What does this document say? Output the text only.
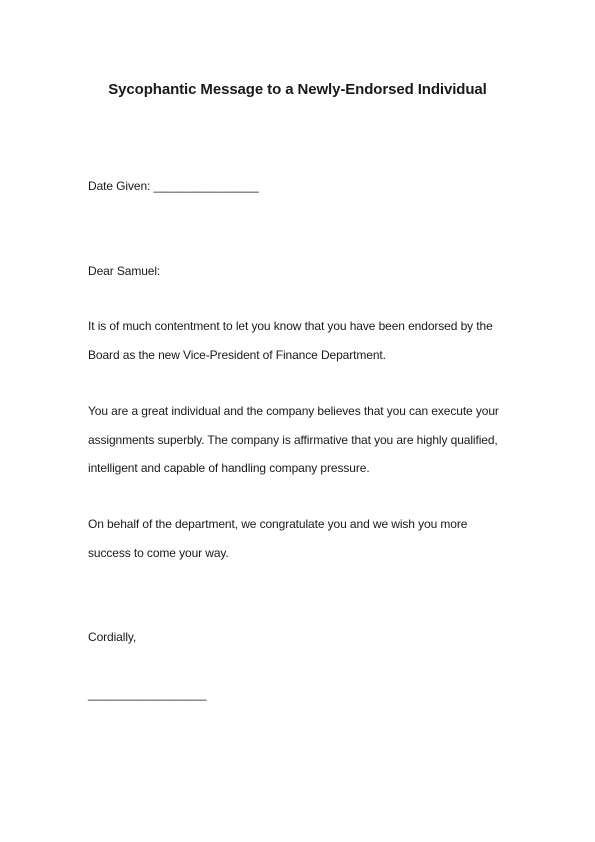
Sycophantic Message to a Newly-Endorsed Individual
Date Given: ________________
Dear Samuel:
It is of much contentment to let you know that you have been endorsed by the
Board as the new Vice-President of Finance Department.
You are a great individual and the company believes that you can execute your
assignments superbly. The company is affirmative that you are highly qualified,
intelligent and capable of handling company pressure.
On behalf of the department, we congratulate you and we wish you more
success to come your way.
Cordially,
__________________
